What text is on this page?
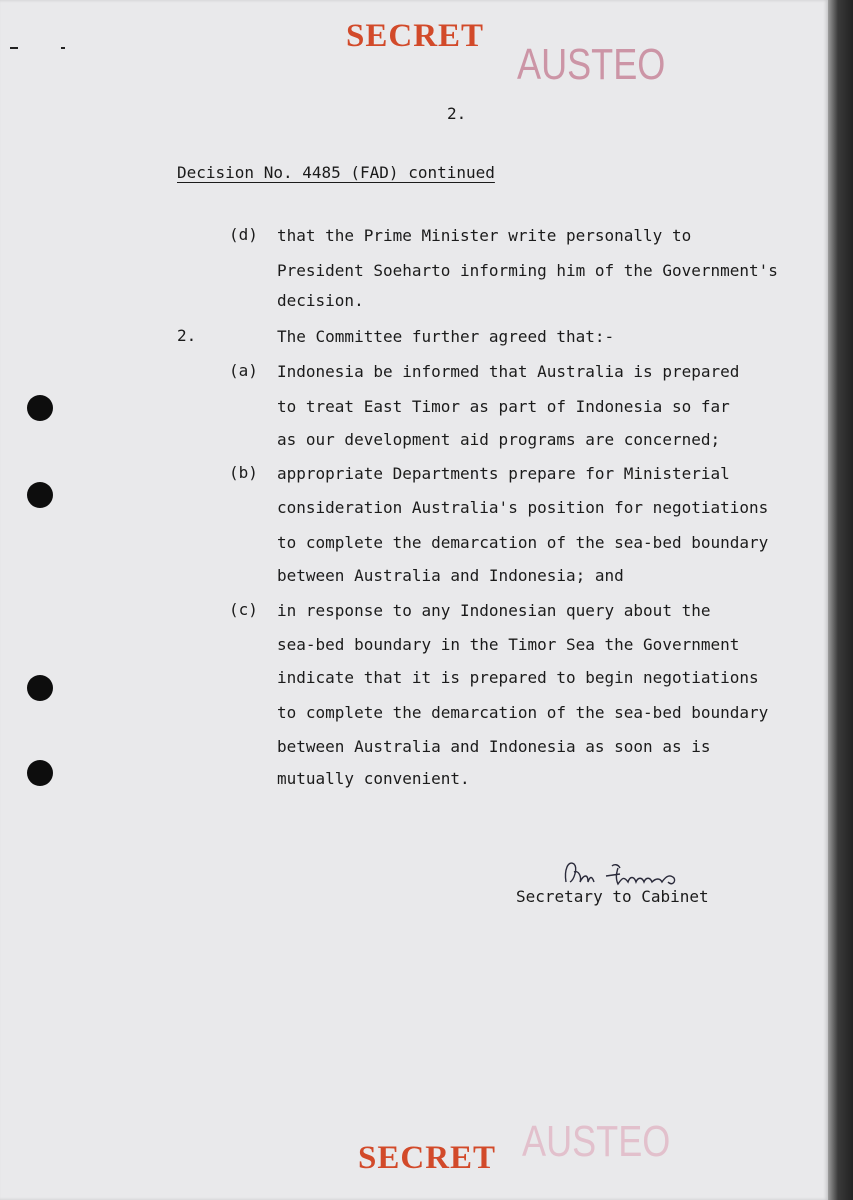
SECRET
AUSTEO
2.
Decision No. 4485 (FAD) continued
(d) that the Prime Minister write personally to
President Soeharto informing him of the Government's
decision.
2.	The Committee further agreed that:-
(a) Indonesia be informed that Australia is prepared
to treat East Timor as part of Indonesia so far
as our development aid programs are concerned;
(b) appropriate Departments prepare for Ministerial
consideration Australia's position for negotiations
to complete the demarcation of the sea-bed boundary
between Australia and Indonesia; and
(c) in response to any Indonesian query about the
sea-bed boundary in the Timor Sea the Government
indicate that it is prepared to begin negotiations
to complete the demarcation of the sea-bed boundary
between Australia and Indonesia as soon as is
mutually convenient.
Secretary to Cabinet
SECRET AUSTEO
